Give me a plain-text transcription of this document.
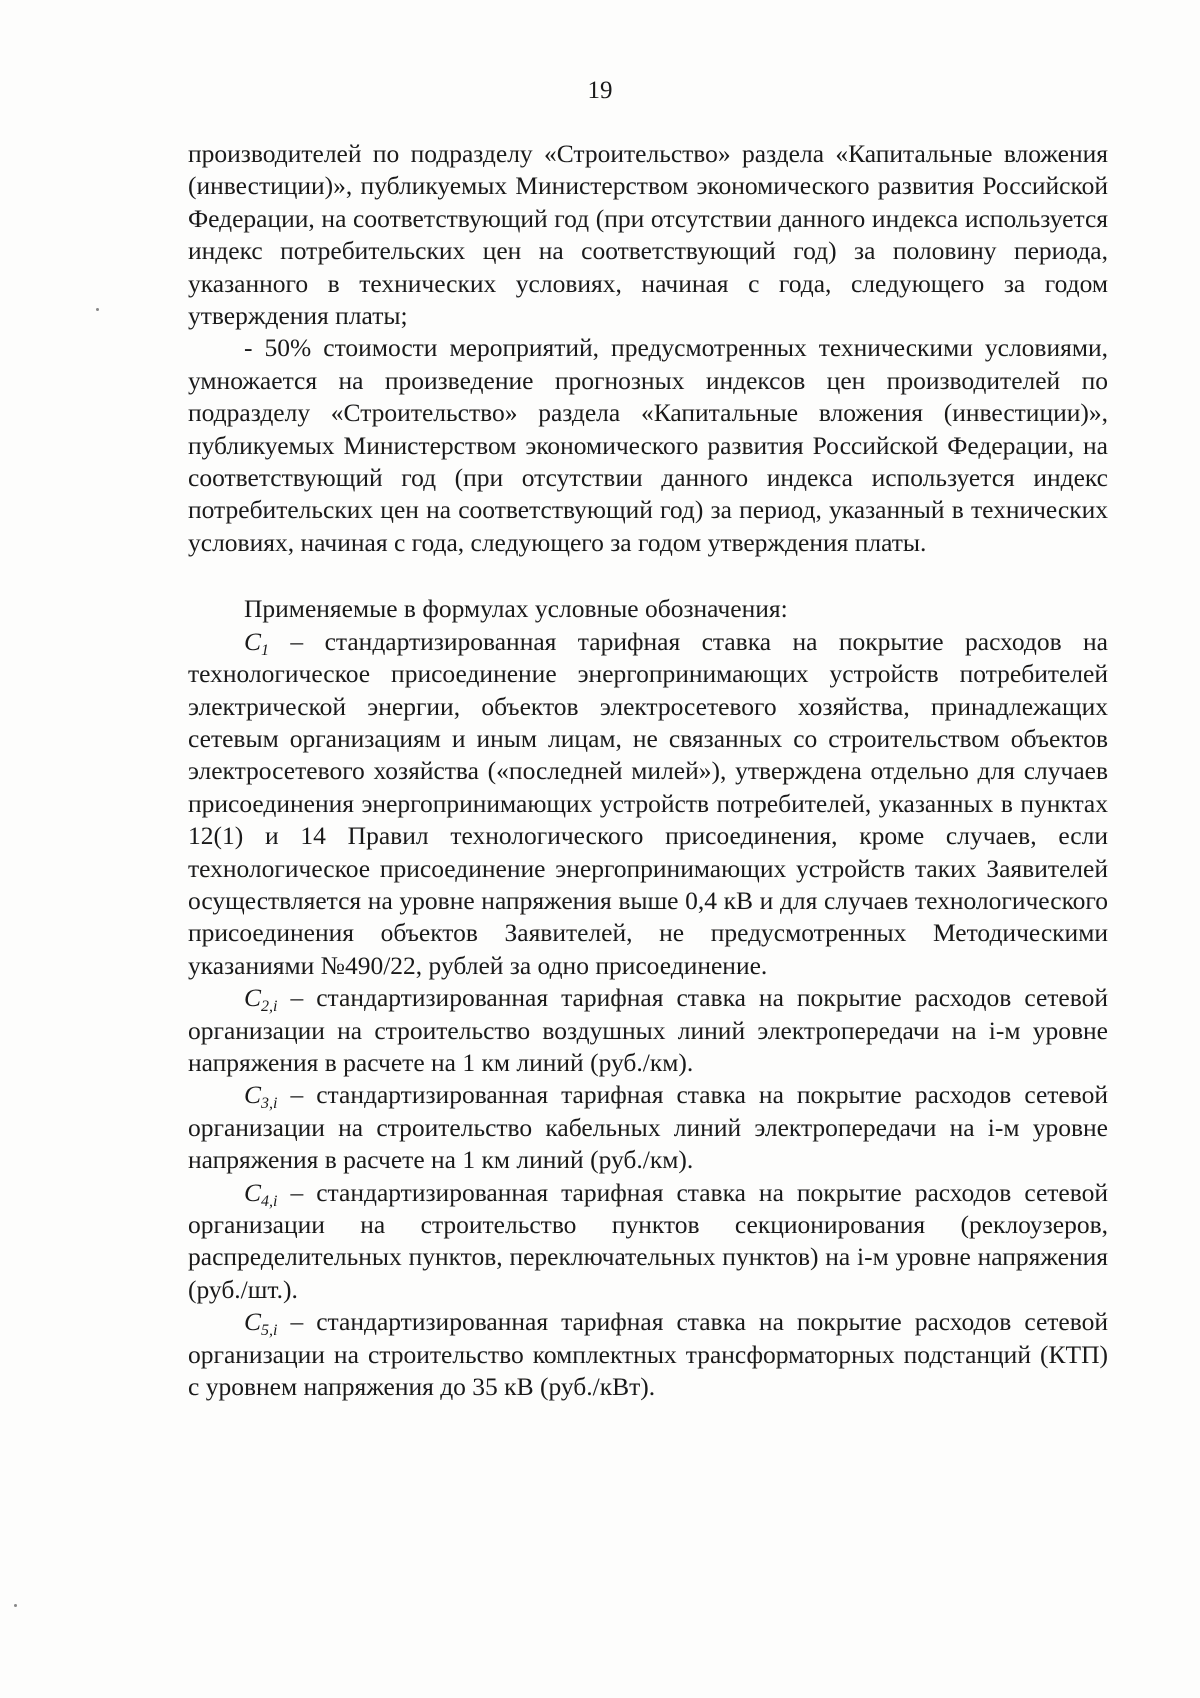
19

производителей по подразделу «Строительство» раздела «Капитальные вложения (инвестиции)», публикуемых Министерством экономического развития Российской Федерации, на соответствующий год (при отсутствии данного индекса используется индекс потребительских цен на соответствующий год) за половину периода, указанного в технических условиях, начиная с года, следующего за годом утверждения платы;

- 50% стоимости мероприятий, предусмотренных техническими условиями, умножается на произведение прогнозных индексов цен производителей по подразделу «Строительство» раздела «Капитальные вложения (инвестиции)», публикуемых Министерством экономического развития Российской Федерации, на соответствующий год (при отсутствии данного индекса используется индекс потребительских цен на соответствующий год) за период, указанный в технических условиях, начиная с года, следующего за годом утверждения платы.

Применяемые в формулах условные обозначения:

$C_1$ – стандартизированная тарифная ставка на покрытие расходов на технологическое присоединение энергопринимающих устройств потребителей электрической энергии, объектов электросетевого хозяйства, принадлежащих сетевым организациям и иным лицам, не связанных со строительством объектов электросетевого хозяйства («последней милей»), утверждена отдельно для случаев присоединения энергопринимающих устройств потребителей, указанных в пунктах 12(1) и 14 Правил технологического присоединения, кроме случаев, если технологическое присоединение энергопринимающих устройств таких Заявителей осуществляется на уровне напряжения выше 0,4 кВ и для случаев технологического присоединения объектов Заявителей, не предусмотренных Методическими указаниями №490/22, рублей за одно присоединение.

$C_{2,i}$ – стандартизированная тарифная ставка на покрытие расходов сетевой организации на строительство воздушных линий электропередачи на i-м уровне напряжения в расчете на 1 км линий (руб./км).

$C_{3,i}$ – стандартизированная тарифная ставка на покрытие расходов сетевой организации на строительство кабельных линий электропередачи на i-м уровне напряжения в расчете на 1 км линий (руб./км).

$C_{4,i}$ – стандартизированная тарифная ставка на покрытие расходов сетевой организации на строительство пунктов секционирования (реклоузеров, распределительных пунктов, переключательных пунктов) на i-м уровне напряжения (руб./шт.).

$C_{5,i}$ – стандартизированная тарифная ставка на покрытие расходов сетевой организации на строительство комплектных трансформаторных подстанций (КТП) с уровнем напряжения до 35 кВ (руб./кВт).
